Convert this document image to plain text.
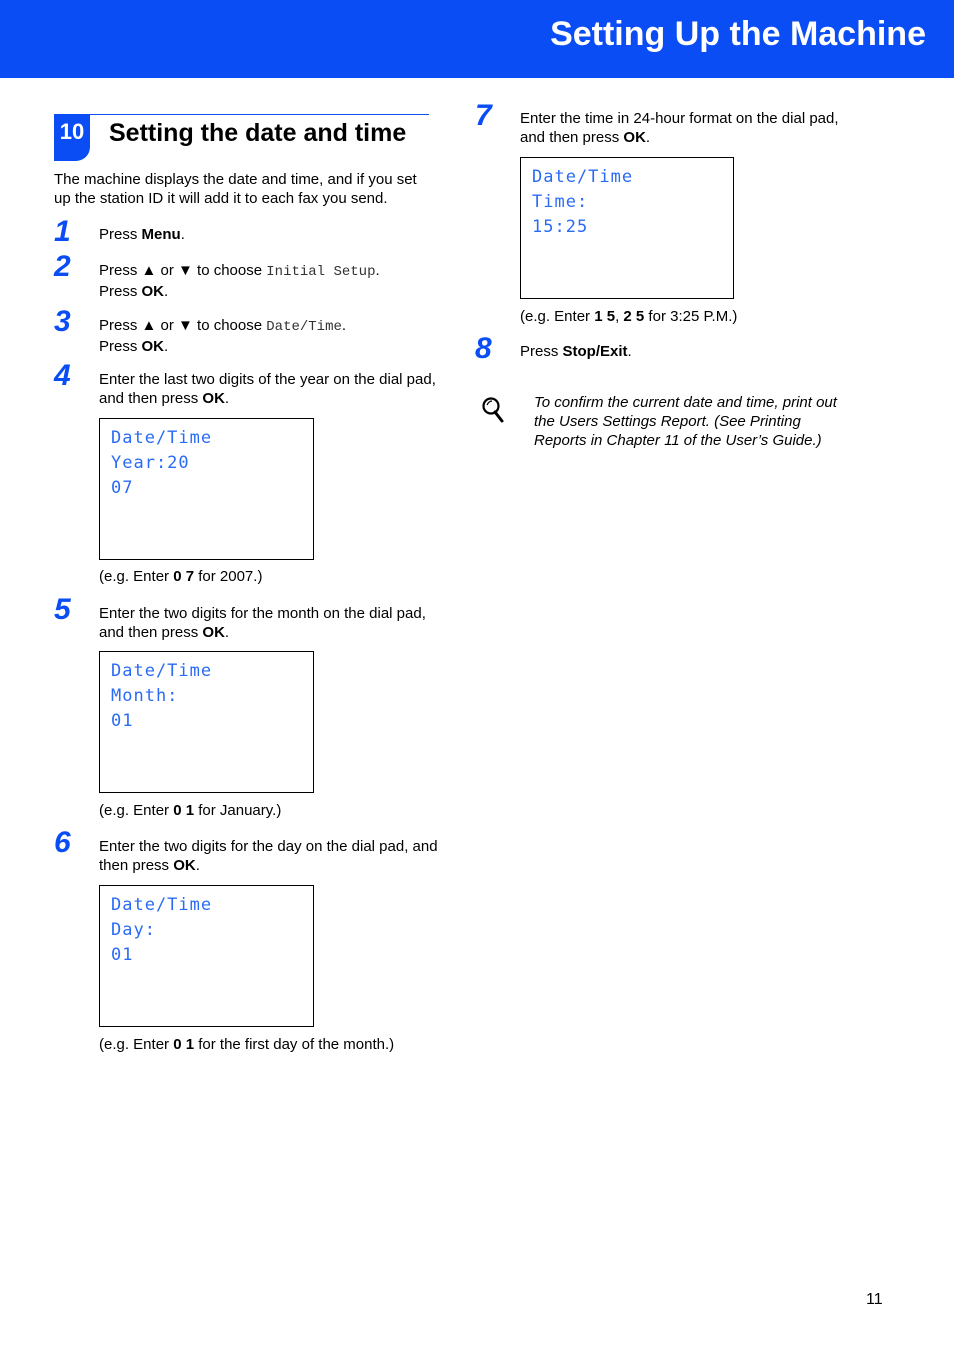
Setting Up the Machine
10 Setting the date and time
The machine displays the date and time, and if you set up the station ID it will add it to each fax you send.
1 Press Menu.
2 Press ▲ or ▼ to choose Initial Setup.
Press OK.
3 Press ▲ or ▼ to choose Date/Time.
Press OK.
4 Enter the last two digits of the year on the dial pad, and then press OK.
Date/Time
Year:20
07
(e.g. Enter 0 7 for 2007.)
5 Enter the two digits for the month on the dial pad, and then press OK.
Date/Time
Month:
01
(e.g. Enter 0 1 for January.)
6 Enter the two digits for the day on the dial pad, and then press OK.
Date/Time
Day:
01
(e.g. Enter 0 1 for the first day of the month.)
7 Enter the time in 24-hour format on the dial pad, and then press OK.
Date/Time
Time:
15:25
(e.g. Enter 1 5, 2 5 for 3:25 P.M.)
8 Press Stop/Exit.
To confirm the current date and time, print out the Users Settings Report. (See Printing Reports in Chapter 11 of the User’s Guide.)
11
